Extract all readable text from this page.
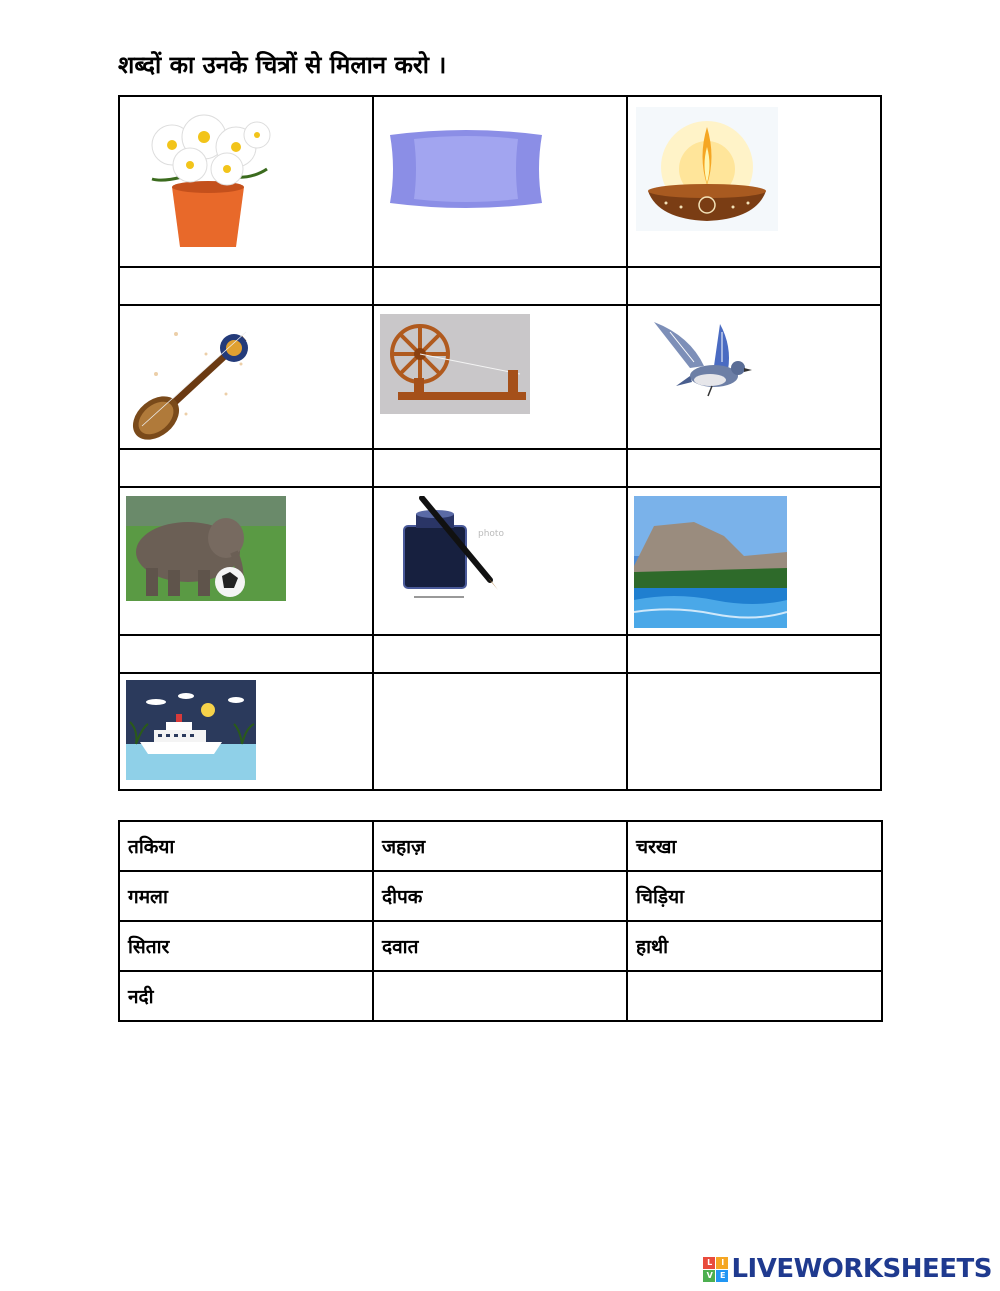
शब्दों का उनके चित्रों से मिलान करो ।

photo

तकिया	जहाज़	चरखा
गमला	दीपक	चिड़िया
सितार	दवात	हाथी
नदी		
L	I
V E LIVEWORKSHEETS
